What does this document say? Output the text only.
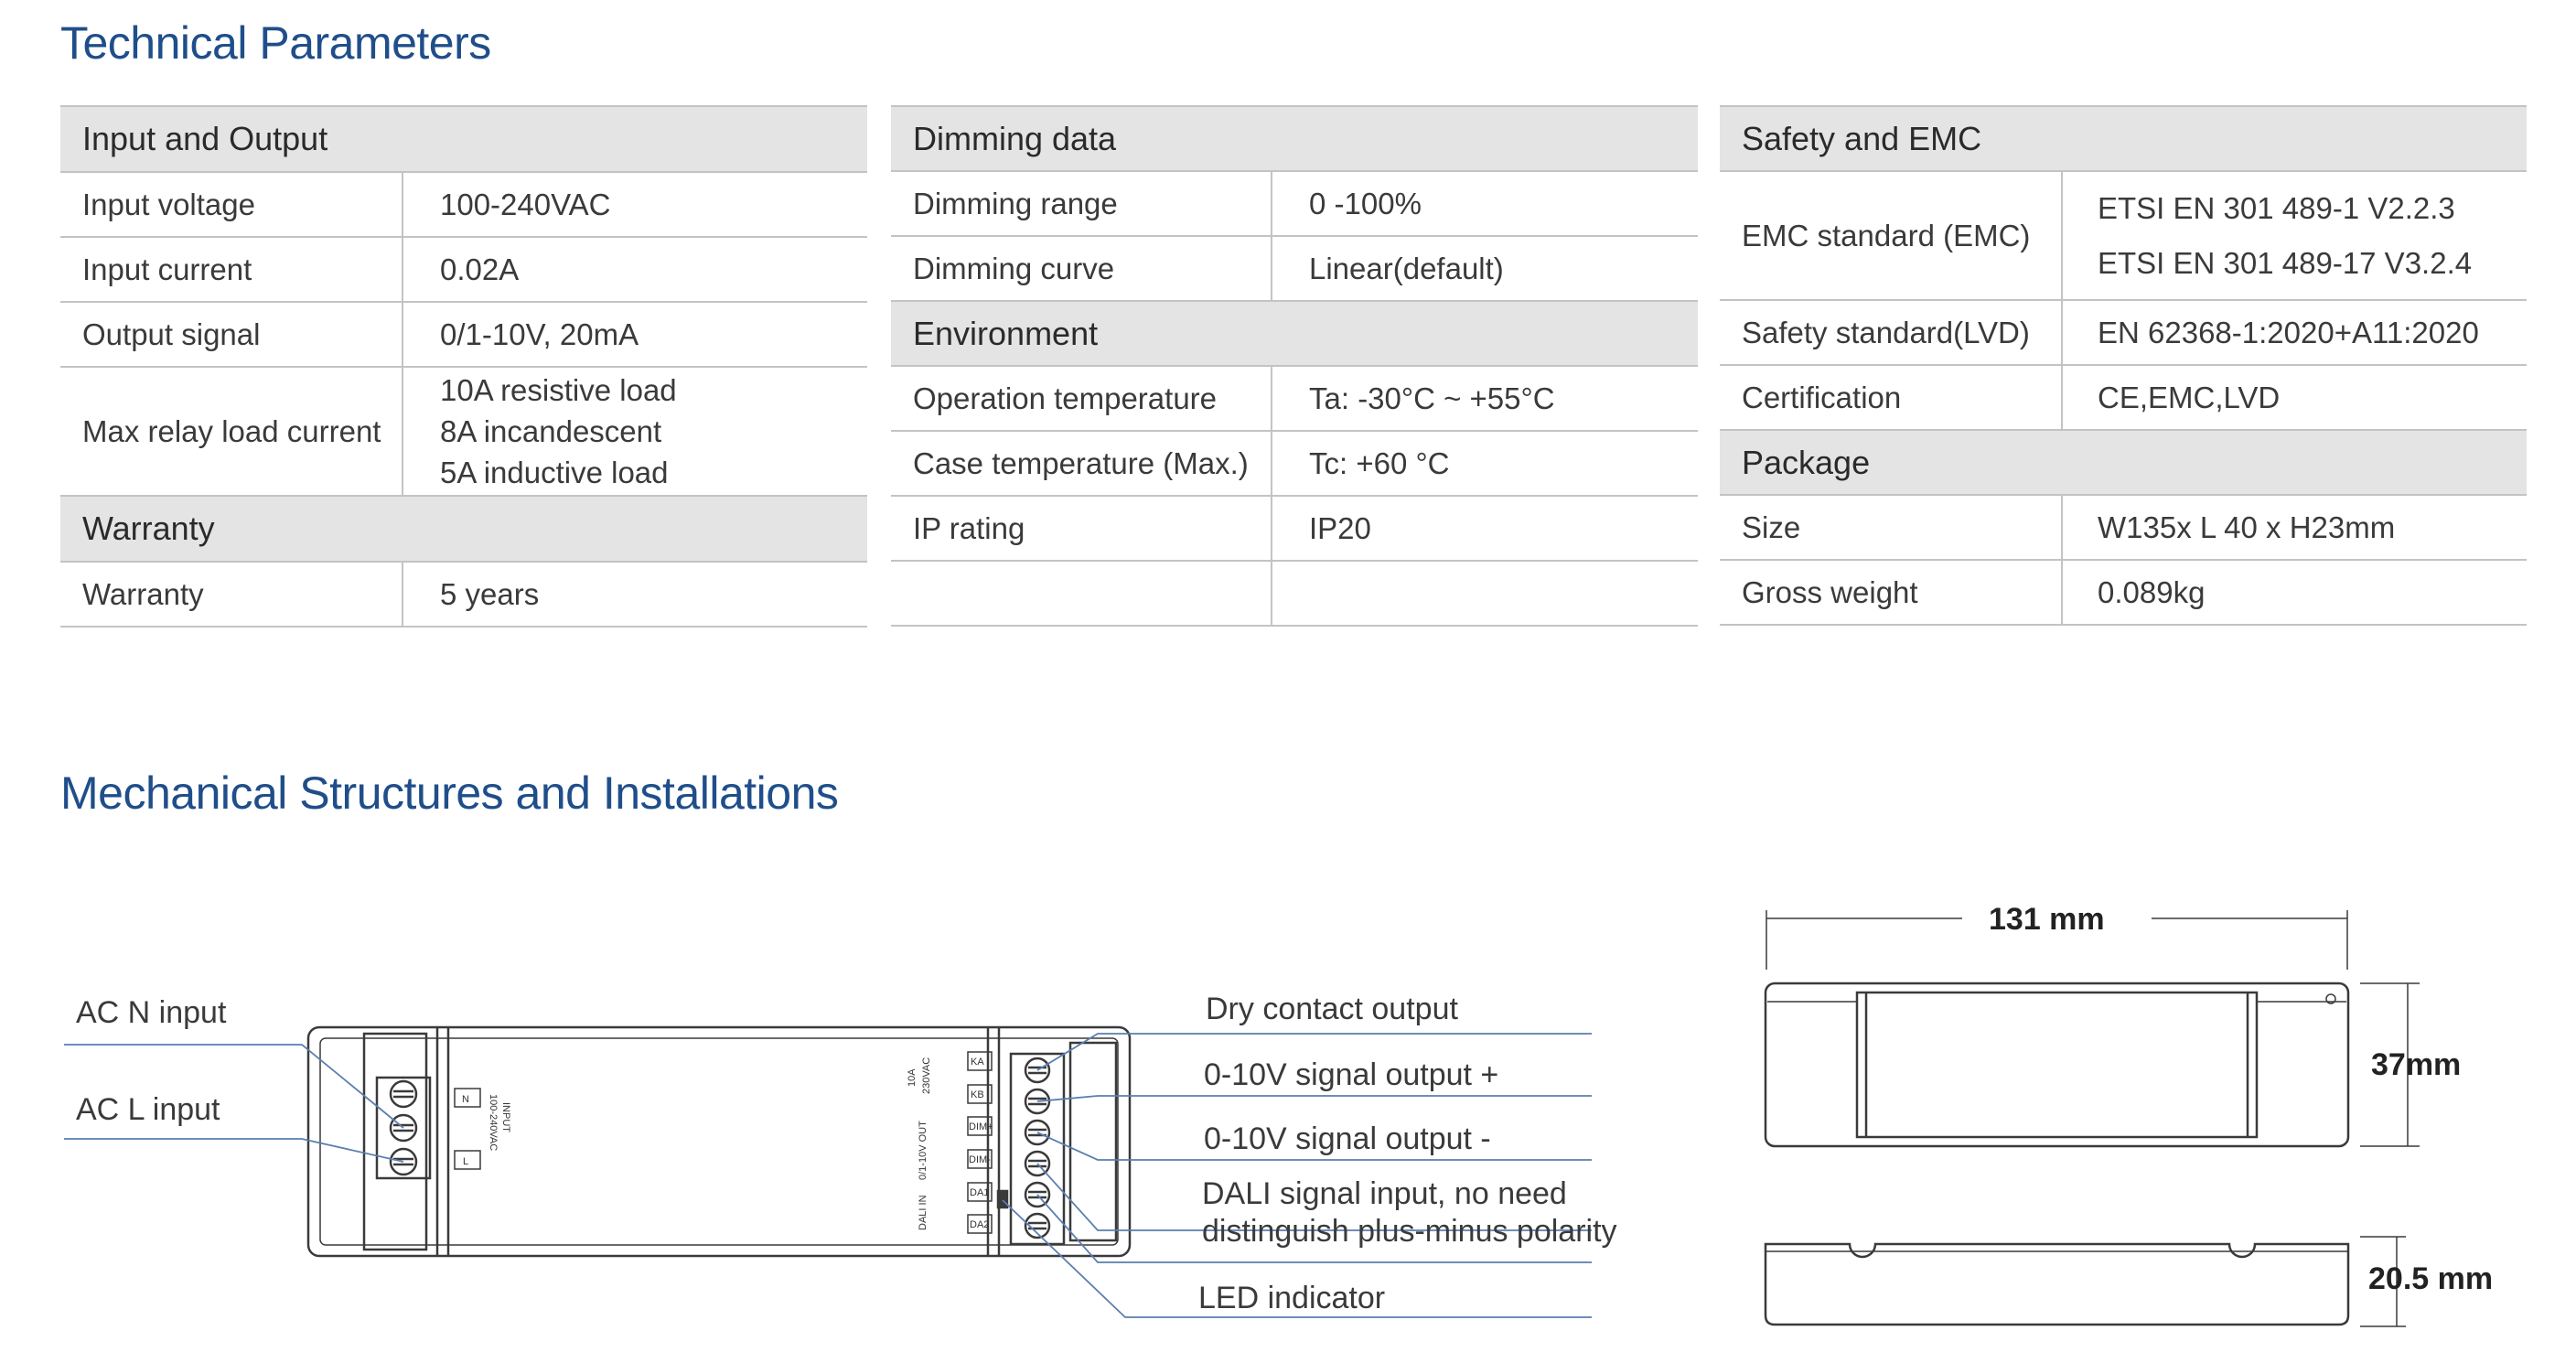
Technical Parameters
Input and Output	
Input voltage	100-240VAC
Input current	0.02A
Output signal	0/1-10V, 20mA
Max relay load current	10A resistive load
8A incandescent
5A inductive load

Warranty	
Warranty	5 years
Dimming data	
Dimming range	0 -100%
Dimming curve	Linear(default)
Environment	
Operation temperature	Ta: -30°C ~ +55°C
Case temperature (Max.)	Tc: +60 °C
IP rating	IP20

Safety and EMC	
EMC standard (EMC)	ETSI EN 301 489-1 V2.2.3
ETSI EN 301 489-17 V3.2.4

Safety standard(LVD)	EN 62368-1:2020+A11:2020
Certification	CE,EMC,LVD
Package	
Size	W135x L 40 x H23mm
Gross weight	0.089kg
Mechanical Structures and Installations
N
L
INPUT
100-240VAC
KA
KB
DIM+
DIM-
DA1
DA2
10A 230VAC
0/1-10V OUT
DALI IN
AC N input
AC L input
Dry contact output
0-10V signal output +
0-10V signal output -
DALI signal input, no need
distinguish plus-minus polarity
LED indicator
131 mm
37mm
20.5 mm
